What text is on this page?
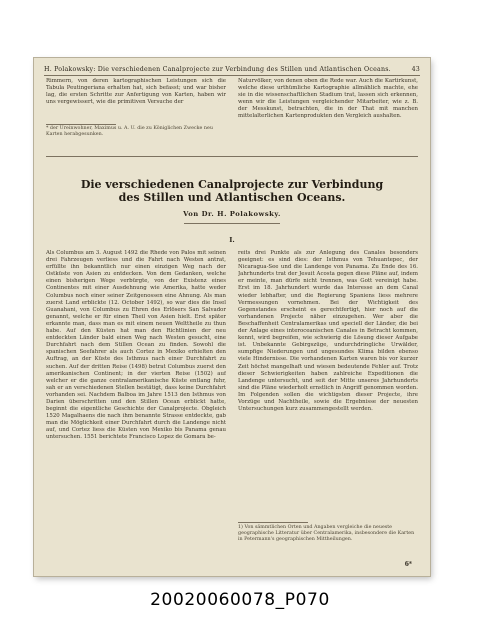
H. Polakowsky: Die verschiedenen Canalprojecte zur Verbindung des Stillen und Atlantischen Oceans.	43
Rimmern, von deren kartographischen Leistungen sich die Tabula Peutingeriana erhalten hat, sich befasst; und war bisher lag, die ersten Schritte zur Anfertigung von Karten, haben wir uns vergewissert, wie die primitiven Versuche der
Naturvölker, von denen oben die Rede war. Auch die Kartirkunst, welche diese urthümliche Kartographie allmählich machte, ehe sie in die wissenschaftlichen Stadium trat, lassen sich erkennen, wenn wir die Leistungen vergleichender Mitarbeiter, wie z. B. der Messkunst, betrachten, die in der That mit manchen mittelalterlichen Kartenprodukten den Vergleich aushalten.
* der Ureinwohner, Maximus u. A. U. die zu Königlichen Zwecke neu Karten herabgesunken.
Die verschiedenen Canalprojecte zur Verbindung des Stillen und Atlantischen Oceans.
Von Dr. H. Polakowsky.
I.
Als Columbus am 3. August 1492 die Rhede von Palos mit seinen drei Fahrzeugen verliess und die Fahrt nach Westen antrat, erfüllte ihn bekanntlich nur einen einzigen Weg nach der Ostküste von Asien zu entdecken. Von dem Gedanken, welche einen bisherigen Wege verbürgte, von der Existenz eines Continentes mit einer Ausdehnung wie Amerika, hatte weder Columbus noch einer seiner Zeitgenossen eine Ahnung. Als man zuerst Land erblickte (12. October 1492), so war dies die Insel Guanahani, von Columbus zu Ehren des Erlösers San Salvador genannt, welche er für einen Theil von Asien hielt. Erst später erkannte man, dass man es mit einem neuen Welttheile zu thun habe. Auf den Küsten hat man den Richtlinien der neu entdeckten Länder bald einen Weg nach Westen gesucht, eine Durchfahrt nach dem Stillen Ocean zu finden. Sowohl die spanischen Seefahrer als auch Cortez in Mexiko erhielten den Auftrag, an der Küste des Isthmus nach einer Durchfahrt zu suchen. Auf der dritten Reise (1498) betrat Columbus zuerst den amerikanischen Continent; in der vierten Reise (1502) auf welcher er die ganze centralamerikanische Küste entlang fuhr, sah er an verschiedenen Stellen bestätigt, dass keine Durchfahrt vorhanden sei. Nachdem Balboa im Jahre 1513 den Isthmus von Darien überschritten und den Stillen Ocean erblickt hatte, beginnt die eigentliche Geschichte der Canalprojecte. Obgleich 1520 Magalhaens die nach ihm benannte Strasse entdeckte, gab man die Möglichkeit einer Durchfahrt durch die Landenge nicht auf, und Cortez liess die Küsten von Mexiko bis Panama genau untersuchen. 1551 berichtete Francisco Lopez de Gomara be-
reits drei Punkte als zur Anlegung des Canales besonders geeignet: es sind dies: der Isthmus von Tehuantepec, der Nicaragua-See und die Landenge von Panama. Zu Ende des 16. Jahrhunderts trat der Jesuit Acosta gegen diese Pläne auf, indem er meinte, man dürfe nicht trennen, was Gott vereinigt habe. Erst im 18. Jahrhundert wurde das Interesse an dem Canal wieder lebhafter, und die Regierung Spaniens liess mehrere Vermessungen vornehmen. Bei der Wichtigkeit des Gegenstandes erscheint es gerechtfertigt, hier noch auf die vorhandenen Projecte näher einzugehen. Wer aber die Beschaffenheit Centralamerikas und speciell der Länder, die bei der Anlage eines interoceanischen Canales in Betracht kommen, kennt, wird begreifen, wie schwierig die Lösung dieser Aufgabe ist. Unbekannte Gebirgszüge, undurchdringliche Urwälder, sumpfige Niederungen und ungesundes Klima bilden ebenso viele Hindernisse. Die vorhandenen Karten waren bis vor kurzer Zeit höchst mangelhaft und wiesen bedeutende Fehler auf. Trotz dieser Schwierigkeiten haben zahlreiche Expeditionen die Landenge untersucht, und seit der Mitte unseres Jahrhunderts sind die Pläne wiederholt ernstlich in Angriff genommen worden. Im Folgenden sollen die wichtigsten dieser Projecte, ihre Vorzüge und Nachtheile, sowie die Ergebnisse der neuesten Untersuchungen kurz zusammengestellt werden.
1) Von sämmtlichen Orten und Angaben vergleiche die neueste geographische Litteratur über Centralamerika, insbesondere die Karten in Petermann's geographischen Mittheilungen.
6*
20020060078_P070
